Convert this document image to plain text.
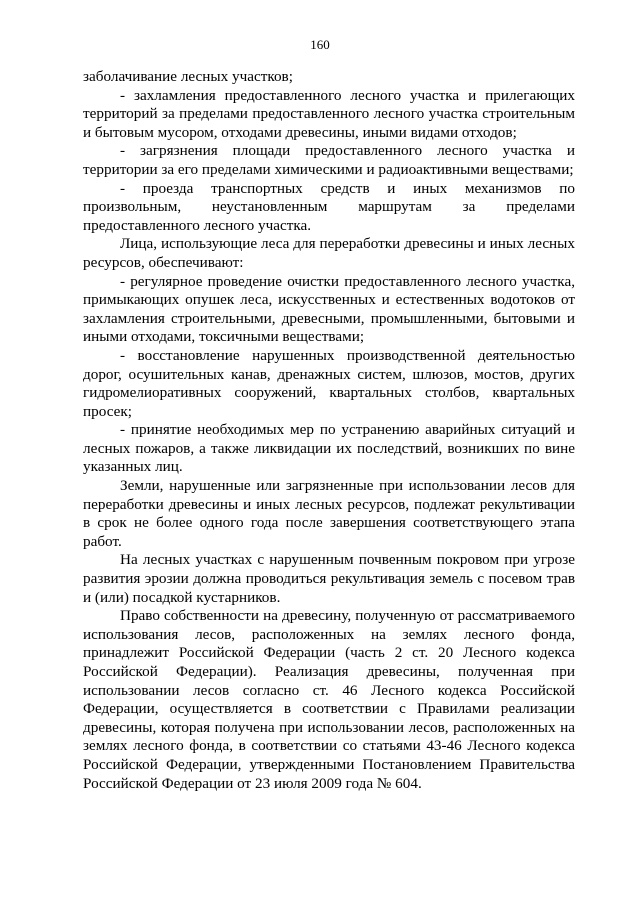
160

заболачивание лесных участков;

- захламления предоставленного лесного участка и прилегающих территорий за пределами предоставленного лесного участка строительным и бытовым мусором, отходами древесины, иными видами отходов;

- загрязнения площади предоставленного лесного участка и территории за его пределами химическими и радиоактивными веществами;

- проезда транспортных средств и иных механизмов по произвольным, неустановленным маршрутам за пределами предоставленного лесного участка.

Лица, использующие леса для переработки древесины и иных лесных ресурсов, обеспечивают:

- регулярное проведение очистки предоставленного лесного участка, примыкающих опушек леса, искусственных и естественных водотоков от захламления строительными, древесными, промышленными, бытовыми и иными отходами, токсичными веществами;

- восстановление нарушенных производственной деятельностью дорог, осушительных канав, дренажных систем, шлюзов, мостов, других гидромелиоративных сооружений, квартальных столбов, квартальных просек;

- принятие необходимых мер по устранению аварийных ситуаций и лесных пожаров, а также ликвидации их последствий, возникших по вине указанных лиц.

Земли, нарушенные или загрязненные при использовании лесов для переработки древесины и иных лесных ресурсов, подлежат рекультивации в срок не более одного года после завершения соответствующего этапа работ.

На лесных участках с нарушенным почвенным покровом при угрозе развития эрозии должна проводиться рекультивация земель с посевом трав и (или) посадкой кустарников.

Право собственности на древесину, полученную от рассматриваемого использования лесов, расположенных на землях лесного фонда, принадлежит Российской Федерации (часть 2 ст. 20 Лесного кодекса Российской Федерации). Реализация древесины, полученная при использовании лесов согласно ст. 46 Лесного кодекса Российской Федерации, осуществляется в соответствии с Правилами реализации древесины, которая получена при использовании лесов, расположенных на землях лесного фонда, в соответствии со статьями 43-46 Лесного кодекса Российской Федерации, утвержденными Постановлением Правительства Российской Федерации от 23 июля 2009 года № 604.
